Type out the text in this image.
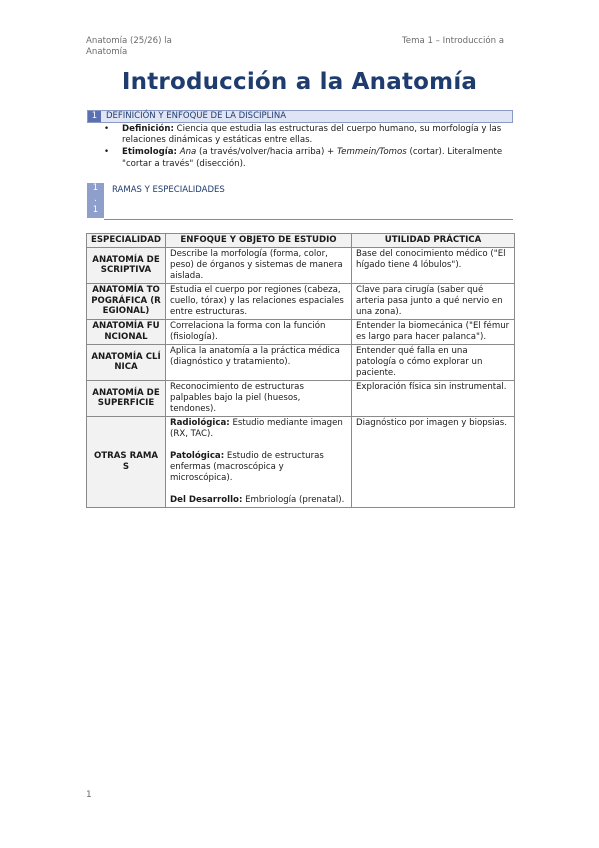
Anatomía (25/26) la Anatomía
Tema 1 – Introducción a
Introducción a la Anatomía
1	DEFINICIÓN Y ENFOQUE DE LA DISCIPLINA
• Definición: Ciencia que estudia las estructuras del cuerpo humano, su morfología y las relaciones dinámicas y estáticas entre ellas.
• Etimología: Ana (a través/volver/hacia arriba) + Temmein/Tomos (cortar). Literalmente "cortar a través" (disección).
1
.
1
RAMAS Y ESPECIALIDADES
ESPECIALIDAD	ENFOQUE Y OBJETO DE ESTUDIO	UTILIDAD PRÁCTICA
ANATOMÍA DESCRIPTIVA	Describe la morfología (forma, color, peso) de órganos y sistemas de manera aislada.	Base del conocimiento médico ("El hígado tiene 4 lóbulos").
ANATOMÍA TOPOGRÁFICA (REGIONAL)	Estudia el cuerpo por regiones (cabeza, cuello, tórax) y las relaciones espaciales entre estructuras.	Clave para cirugía (saber qué arteria pasa junto a qué nervio en una zona).
ANATOMÍA FUNCIONAL	Correlaciona la forma con la función (fisiología).	Entender la biomecánica ("El fémur es largo para hacer palanca").
ANATOMÍA CLÍNICA	Aplica la anatomía a la práctica médica (diagnóstico y tratamiento).	Entender qué falla en una patología o cómo explorar un paciente.
ANATOMÍA DE SUPERFICIE	Reconocimiento de estructuras palpables bajo la piel (huesos, tendones).	Exploración física sin instrumental.
OTRAS RAMAS	Radiológica: Estudio mediante imagen (RX, TAC).
Patológica: Estudio de estructuras enfermas (macroscópica y microscópica).
Del Desarrollo: Embriología (prenatal).	Diagnóstico por imagen y biopsias.
1
